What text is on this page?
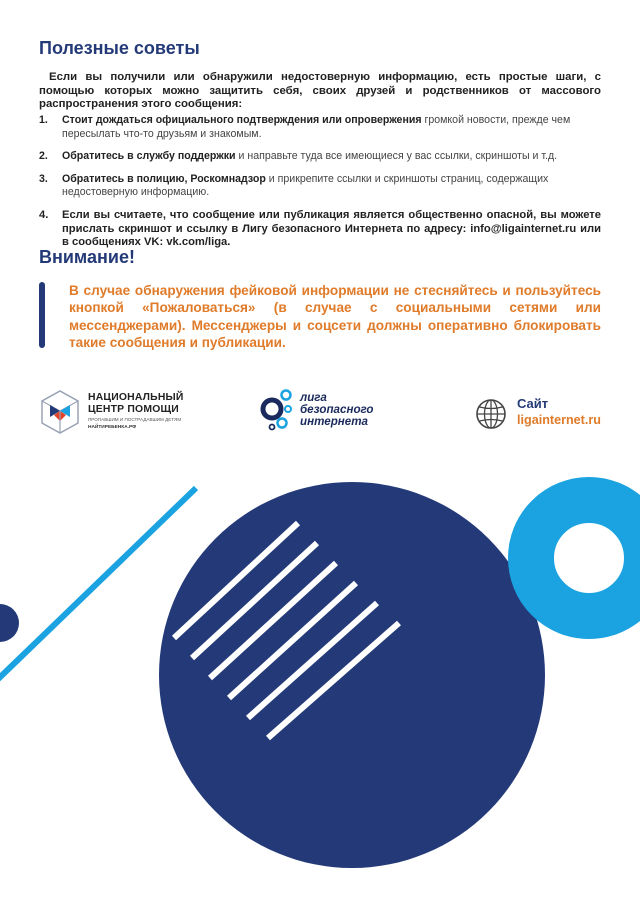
Полезные советы

Если вы получили или обнаружили недостоверную информацию, есть простые шаги, с помощью которых можно защитить себя, своих друзей и родственников от массового распространения этого сообщения:

1. Стоит дождаться официального подтверждения или опровержения громкой новости, прежде чем пересылать что-то друзьям и знакомым.
2. Обратитесь в службу поддержки и направьте туда все имеющиеся у вас ссылки, скриншоты и т.д.
3. Обратитесь в полицию, Роскомнадзор и прикрепите ссылки и скриншоты страниц, содержащих недостоверную информацию.
4. Если вы считаете, что сообщение или публикация является общественно опасной, вы можете прислать скриншот и ссылку в Лигу безопасного Интернета по адресу: info@ligainternet.ru или в сообщениях VK: vk.com/liga.
Внимание!

В случае обнаружения фейковой информации не стесняйтесь и пользуйтесь кнопкой «Пожаловаться» (в случае с социальными сетями или мессенджерами). Мессенджеры и соцсети должны оперативно блокировать такие сообщения и публикации.

НАЦИОНАЛЬНЫЙ
ЦЕНТР ПОМОЩИ
ПРОПАВШИМ И ПОСТРАДАВШИМ ДЕТЯМ
НАЙТИРЕБЕНКА.РФ
лига
безопасного
интернета
Сайт
ligainternet.ru
